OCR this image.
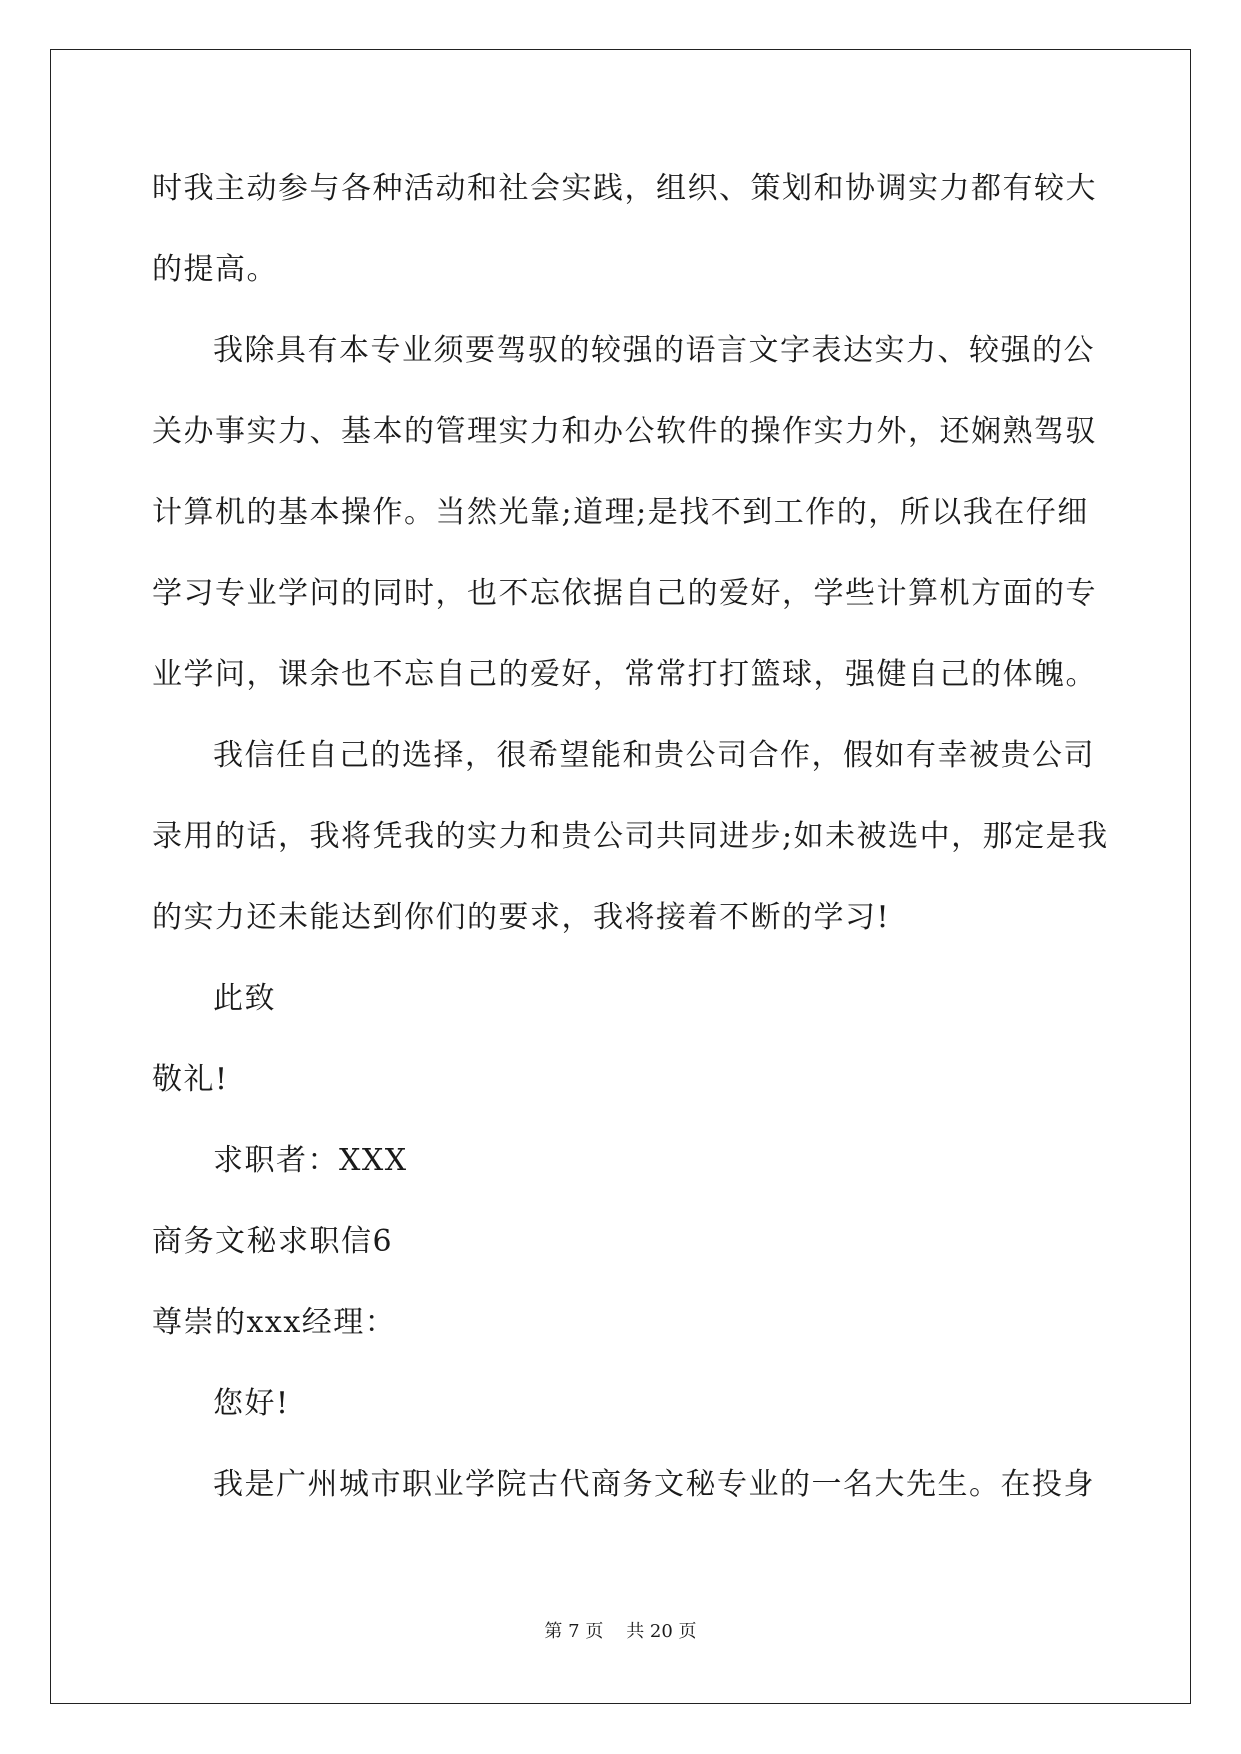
时我主动参与各种活动和社会实践，组织、策划和协调实力都有较大
的提高。
我除具有本专业须要驾驭的较强的语言文字表达实力、较强的公
关办事实力、基本的管理实力和办公软件的操作实力外，还娴熟驾驭
计算机的基本操作。当然光靠;道理;是找不到工作的，所以我在仔细
学习专业学问的同时，也不忘依据自己的爱好，学些计算机方面的专
业学问，课余也不忘自己的爱好，常常打打篮球，强健自己的体魄。
我信任自己的选择，很希望能和贵公司合作，假如有幸被贵公司
录用的话，我将凭我的实力和贵公司共同进步;如未被选中，那定是我
的实力还未能达到你们的要求，我将接着不断的学习!
此致
敬礼!
求职者：XXX
商务文秘求职信6
尊崇的xxx经理：
您好!
我是广州城市职业学院古代商务文秘专业的一名大先生。在投身
第 7 页    共 20 页
